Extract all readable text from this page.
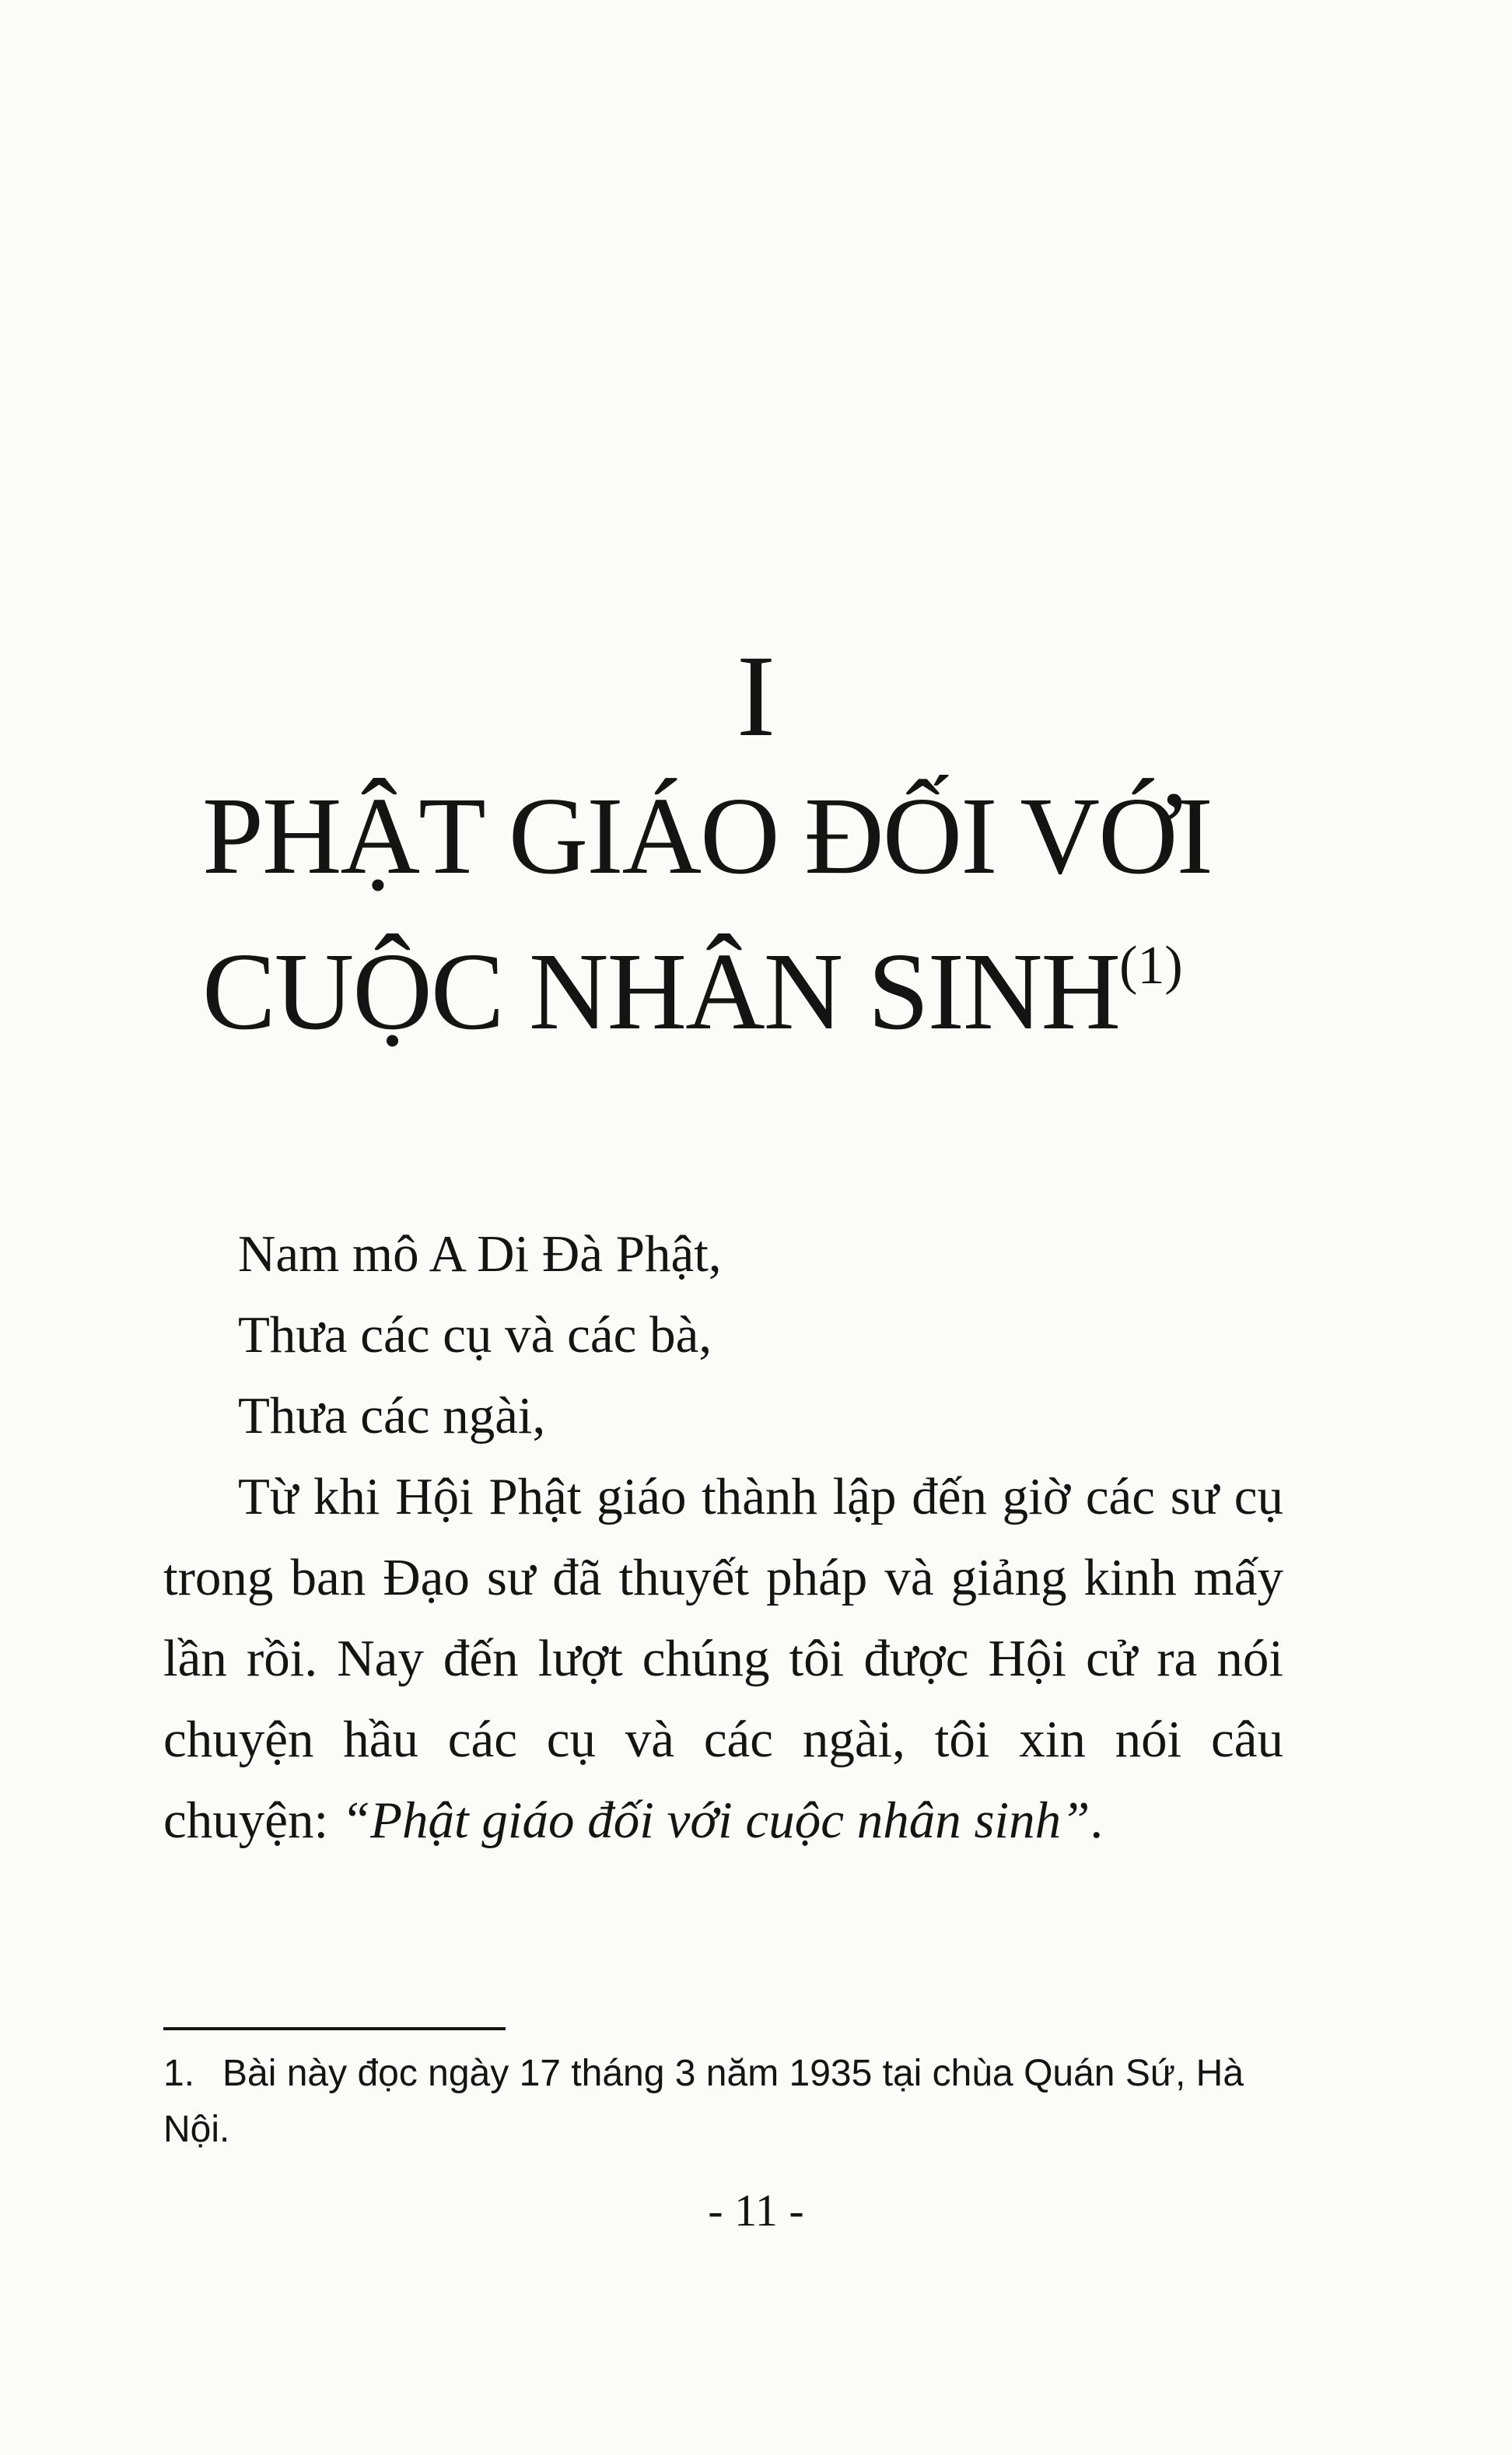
I
PHẬT GIÁO ĐỐI VỚI
CUỘC NHÂN SINH$^{(1)}$

Nam mô A Di Đà Phật,

Thưa các cụ và các bà,

Thưa các ngài,

Từ khi Hội Phật giáo thành lập đến giờ các sư cụ trong ban Đạo sư đã thuyết pháp và giảng kinh mấy lần rồi. Nay đến lượt chúng tôi được Hội cử ra nói chuyện hầu các cụ và các ngài, tôi xin nói câu chuyện: “Phật giáo đối với cuộc nhân sinh”.

1. Bài này đọc ngày 17 tháng 3 năm 1935 tại chùa Quán Sứ, Hà Nội.
- 11 -
